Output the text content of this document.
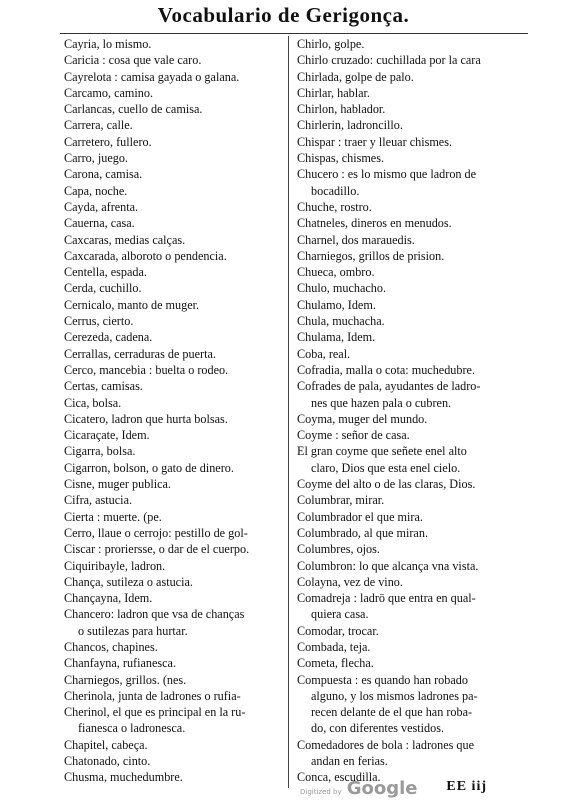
Vocabulario de Gerigonça.
Cayria, lo mismo.
Caricia : cosa que vale caro.
Cayrelota : camisa gayada o galana.
Carcamo, camino.
Carlancas, cuello de camisa.
Carrera, calle.
Carretero, fullero.
Carro, juego.
Carona, camisa.
Capa, noche.
Cayda, afrenta.
Cauerna, casa.
Caxcaras, medias calças.
Caxcarada, alboroto o pendencia.
Centella, espada.
Cerda, cuchillo.
Cernicalo, manto de muger.
Cerrus, cierto.
Cerezeda, cadena.
Cerrallas, cerraduras de puerta.
Cerco, mancebia : buelta o rodeo.
Certas, camisas.
Cica, bolsa.
Cicatero, ladron que hurta bolsas.
Cicaraçate, Idem.
Cigarra, bolsa.
Cigarron, bolson, o gato de dinero.
Cisne, muger publica.
Cifra, astucia.
Cierta : muerte. (pe.
Cerro, llaue o cerrojo: pestillo de gol-
Ciscar : proriersse, o dar de el cuerpo.
Ciquiribayle, ladron.
Chança, sutileza o astucia.
Chançayna, Idem.
Chancero: ladron que vsa de chanças
o sutilezas para hurtar.
Chancos, chapines.
Chanfayna, rufianesca.
Charniegos, grillos. (nes.
Cherinola, junta de ladrones o rufia-
Cherinol, el que es principal en la ru-
fianesca o ladronesca.
Chapitel, cabeça.
Chatonado, cinto.
Chusma, muchedumbre.
Chirlo, golpe.
Chirlo cruzado: cuchillada por la cara
Chirlada, golpe de palo.
Chirlar, hablar.
Chirlon, hablador.
Chirlerin, ladroncillo.
Chispar : traer y lleuar chismes.
Chispas, chismes.
Chucero : es lo mismo que ladron de
bocadillo.
Chuche, rostro.
Chatneles, dineros en menudos.
Charnel, dos marauedis.
Charniegos, grillos de prision.
Chueca, ombro.
Chulo, muchacho.
Chulamo, Idem.
Chula, muchacha.
Chulama, Idem.
Coba, real.
Cofradia, malla o cota: muchedubre.
Cofrades de pala, ayudantes de ladro-
nes que hazen pala o cubren.
Coyma, muger del mundo.
Coyme : señor de casa.
El gran coyme que señete enel alto
claro, Dios que esta enel cielo.
Coyme del alto o de las claras, Dios.
Columbrar, mirar.
Columbrador el que mira.
Columbrado, al que miran.
Columbres, ojos.
Columbron: lo que alcança vna vista.
Colayna, vez de vino.
Comadreja : ladrō que entra en qual-
quiera casa.
Comodar, trocar.
Combada, teja.
Cometa, flecha.
Compuesta : es quando han robado
alguno, y los mismos ladrones pa-
recen delante de el que han roba-
do, con diferentes vestidos.
Comedadores de bola : ladrones que
andan en ferias.
Conca, escudilla.
Digitized by Google EE iij
